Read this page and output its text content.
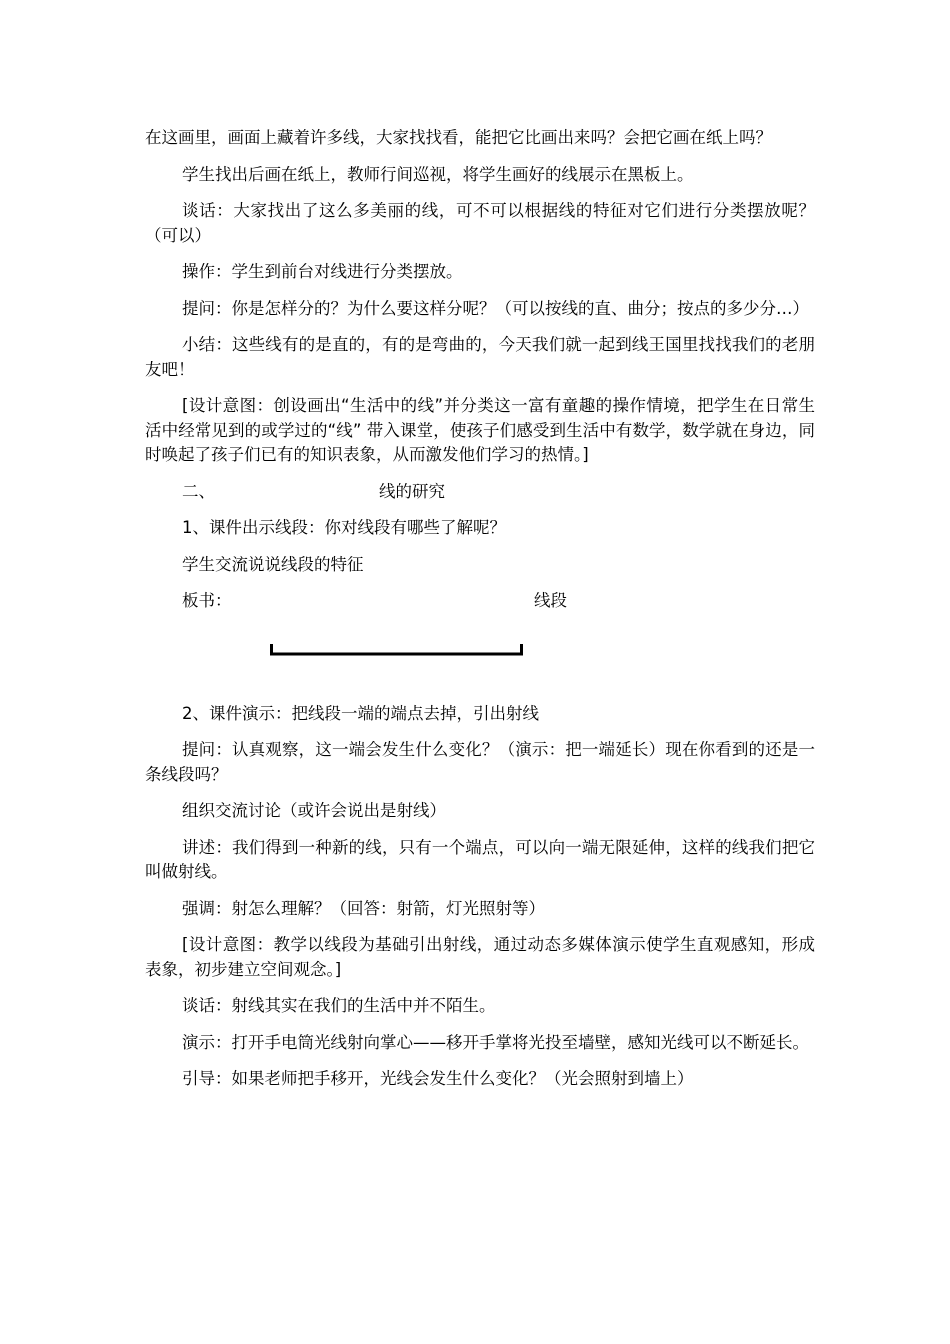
在这画里，画面上藏着许多线，大家找找看，能把它比画出来吗？会把它画在纸上吗？

学生找出后画在纸上，教师行间巡视，将学生画好的线展示在黑板上。

谈话：大家找出了这么多美丽的线，可不可以根据线的特征对它们进行分类摆放呢？（可以）

操作：学生到前台对线进行分类摆放。

提问：你是怎样分的？为什么要这样分呢？（可以按线的直、曲分；按点的多少分…）

小结：这些线有的是直的，有的是弯曲的，今天我们就一起到线王国里找找我们的老朋友吧！

[设计意图：创设画出“生活中的线”并分类这一富有童趣的操作情境，把学生在日常生活中经常见到的或学过的“线” 带入课堂，使孩子们感受到生活中有数学，数学就在身边，同时唤起了孩子们已有的知识表象，从而激发他们学习的热情。]

二、	线的研究

1、课件出示线段：你对线段有哪些了解呢？

学生交流说说线段的特征

板书：	线段

2、课件演示：把线段一端的端点去掉，引出射线

提问：认真观察，这一端会发生什么变化？（演示：把一端延长）现在你看到的还是一条线段吗？

组织交流讨论（或许会说出是射线）

讲述：我们得到一种新的线，只有一个端点，可以向一端无限延伸，这样的线我们把它叫做射线。

强调：射怎么理解？（回答：射箭，灯光照射等）

[设计意图：教学以线段为基础引出射线，通过动态多媒体演示使学生直观感知，形成表象，初步建立空间观念。]

谈话：射线其实在我们的生活中并不陌生。

演示：打开手电筒光线射向掌心——移开手掌将光投至墙壁，感知光线可以不断延长。

引导：如果老师把手移开，光线会发生什么变化？（光会照射到墙上）
